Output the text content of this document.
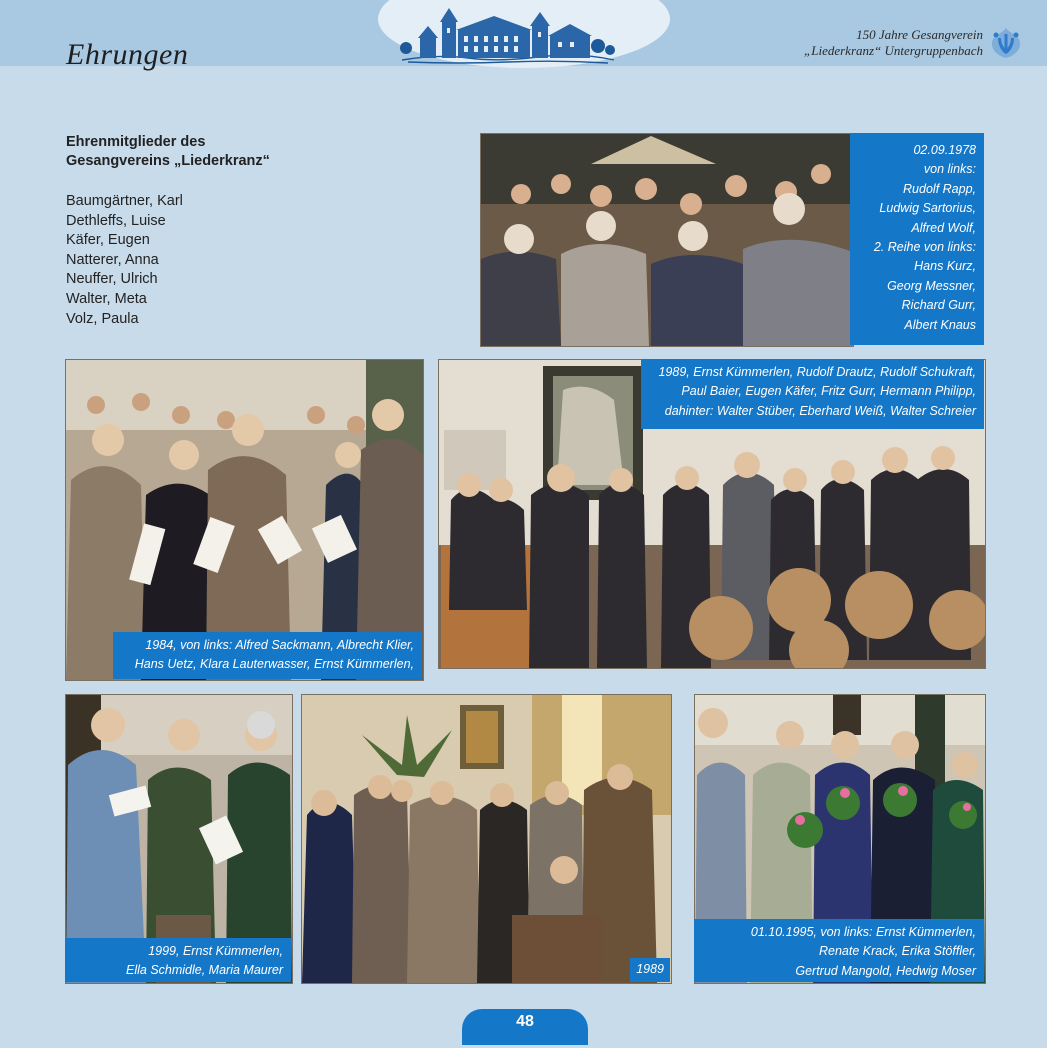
Ehrungen
150 Jahre Gesangverein
„Liederkranz“ Untergruppenbach
Ehrenmitglieder des
Gesangvereins „Liederkranz“
Baumgärtner, Karl
Dethleffs, Luise
Käfer, Eugen
Natterer, Anna
Neuffer, Ulrich
Walter, Meta
Volz, Paula
02.09.1978
von links:
Rudolf Rapp,
Ludwig Sartorius,
Alfred Wolf,
2. Reihe von links:
Hans Kurz,
Georg Messner,
Richard Gurr,
Albert Knaus
1984, von links: Alfred Sackmann, Albrecht Klier,
Hans Uetz, Klara Lauterwasser, Ernst Kümmerlen,
1989, Ernst Kümmerlen, Rudolf Drautz, Rudolf Schukraft,
Paul Baier, Eugen Käfer, Fritz Gurr, Hermann Philipp,
dahinter: Walter Stüber, Eberhard Weiß, Walter Schreier
1999, Ernst Kümmerlen,
Ella Schmidle, Maria Maurer	1989
01.10.1995, von links: Ernst Kümmerlen,
Renate Krack, Erika Stöffler,
Gertrud Mangold, Hedwig Moser
48
